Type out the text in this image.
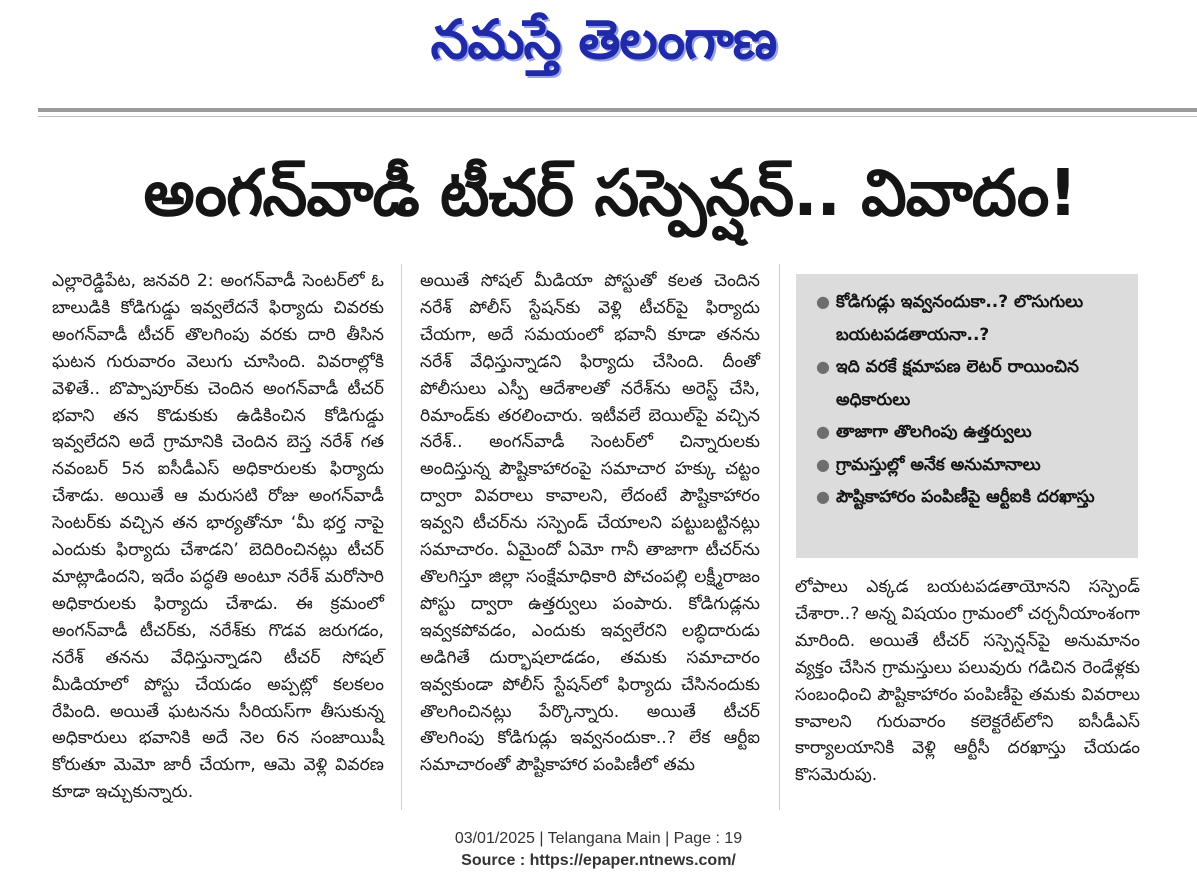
నమస్తే తెలంగాణ
అంగన్‌వాడీ టీచర్ సస్పెన్షన్.. వివాదం!

ఎల్లారెడ్డిపేట, జనవరి 2: అంగన్‌వాడీ సెంటర్‌లో ఓ బాలుడికి కోడిగుడ్డు ఇవ్వలేదనే ఫిర్యాదు చివరకు అంగన్‌వాడీ టీచర్ తొలగింపు వరకు దారి తీసిన ఘటన గురువారం వెలుగు చూసింది. వివరాల్లోకి వెళితే.. బొప్పాపూర్‌కు చెందిన అంగన్‌వాడీ టీచర్ భవాని తన కొడుకుకు ఉడికించిన కోడిగుడ్డు ఇవ్వలేదని అదే గ్రామానికి చెందిన బెస్త నరేశ్ గత నవంబర్ 5న ఐసీడీఎస్ అధికారులకు ఫిర్యాదు చేశాడు. అయితే ఆ మరుసటి రోజు అంగన్‌వాడీ సెంటర్‌కు వచ్చిన తన భార్యతోనూ ‘మీ భర్త నాపై ఎందుకు ఫిర్యాదు చేశాడని’ బెదిరించినట్లు టీచర్ మాట్లాడిందని, ఇదేం పద్ధతి అంటూ నరేశ్ మరోసారి అధికారులకు ఫిర్యాదు చేశాడు. ఈ క్రమంలో అంగన్‌వాడీ టీచర్‌కు, నరేశ్‌కు గొడవ జరుగడం, నరేశ్ తనను వేధిస్తున్నాడని టీచర్ సోషల్ మీడియాలో పోస్టు చేయడం అప్పట్లో కలకలం రేపింది. అయితే ఘటనను సీరియస్‌గా తీసుకున్న అధికారులు భవానికి అదే నెల 6న సంజాయిషీ కోరుతూ మెమో జారీ చేయగా, ఆమె వెళ్లి వివరణ కూడా ఇచ్చుకున్నారు.

అయితే సోషల్ మీడియా పోస్టుతో కలత చెందిన నరేశ్ పోలీస్ స్టేషన్‌కు వెళ్లి టీచర్‌పై ఫిర్యాదు చేయగా, అదే సమయంలో భవానీ కూడా తనను నరేశ్ వేధిస్తున్నాడని ఫిర్యాదు చేసింది. దీంతో పోలీసులు ఎస్పీ ఆదేశాలతో నరేశ్‌ను అరెస్ట్ చేసి, రిమాండ్‌కు తరలించారు. ఇటీవలే బెయిల్‌పై వచ్చిన నరేశ్.. అంగన్‌వాడీ సెంటర్‌లో చిన్నారులకు అందిస్తున్న పౌష్టికాహారంపై సమాచార హక్కు చట్టం ద్వారా వివరాలు కావాలని, లేదంటే పౌష్టికాహారం ఇవ్వని టీచర్‌ను సస్పెండ్ చేయాలని పట్టుబట్టినట్లు సమాచారం. ఏమైందో ఏమో గానీ తాజాగా టీచర్‌ను తొలగిస్తూ జిల్లా సంక్షేమాధికారి పోచంపల్లి లక్ష్మీరాజం పోస్టు ద్వారా ఉత్తర్వులు పంపారు. కోడిగుడ్లను ఇవ్వకపోవడం, ఎందుకు ఇవ్వలేరని లబ్ధిదారుడు అడిగితే దుర్భాషలాడడం, తమకు సమాచారం ఇవ్వకుండా పోలీస్ స్టేషన్‌లో ఫిర్యాదు చేసినందుకు తొలగించినట్లు పేర్కొన్నారు. అయితే టీచర్ తొలగింపు కోడిగుడ్లు ఇవ్వనందుకా..? లేక ఆర్టీఐ సమాచారంతో పౌష్టికాహార పంపిణీలో తమ

● కోడిగుడ్లు ఇవ్వనందుకా..? లొసుగులు బయటపడతాయనా..?
● ఇది వరకే క్షమాపణ లెటర్ రాయించిన అధికారులు
● తాజాగా తొలగింపు ఉత్తర్వులు
● గ్రామస్తుల్లో అనేక అనుమానాలు
● పౌష్టికాహారం పంపిణీపై ఆర్టీఐకి దరఖాస్తు

లోపాలు ఎక్కడ బయటపడతాయోనని సస్పెండ్ చేశారా..? అన్న విషయం గ్రామంలో చర్చనీయాంశంగా మారింది. అయితే టీచర్ సస్పెన్షన్‌పై అనుమానం వ్యక్తం చేసిన గ్రామస్తులు పలువురు గడిచిన రెండేళ్లకు సంబంధించి పౌష్టికాహారం పంపిణీపై తమకు వివరాలు కావాలని గురువారం కలెక్టరేట్‌లోని ఐసీడీఎస్ కార్యాలయానికి వెళ్లి ఆర్టీసీ దరఖాస్తు చేయడం కొసమెరుపు.

03/01/2025 | Telangana Main | Page : 19
Source : https://epaper.ntnews.com/
